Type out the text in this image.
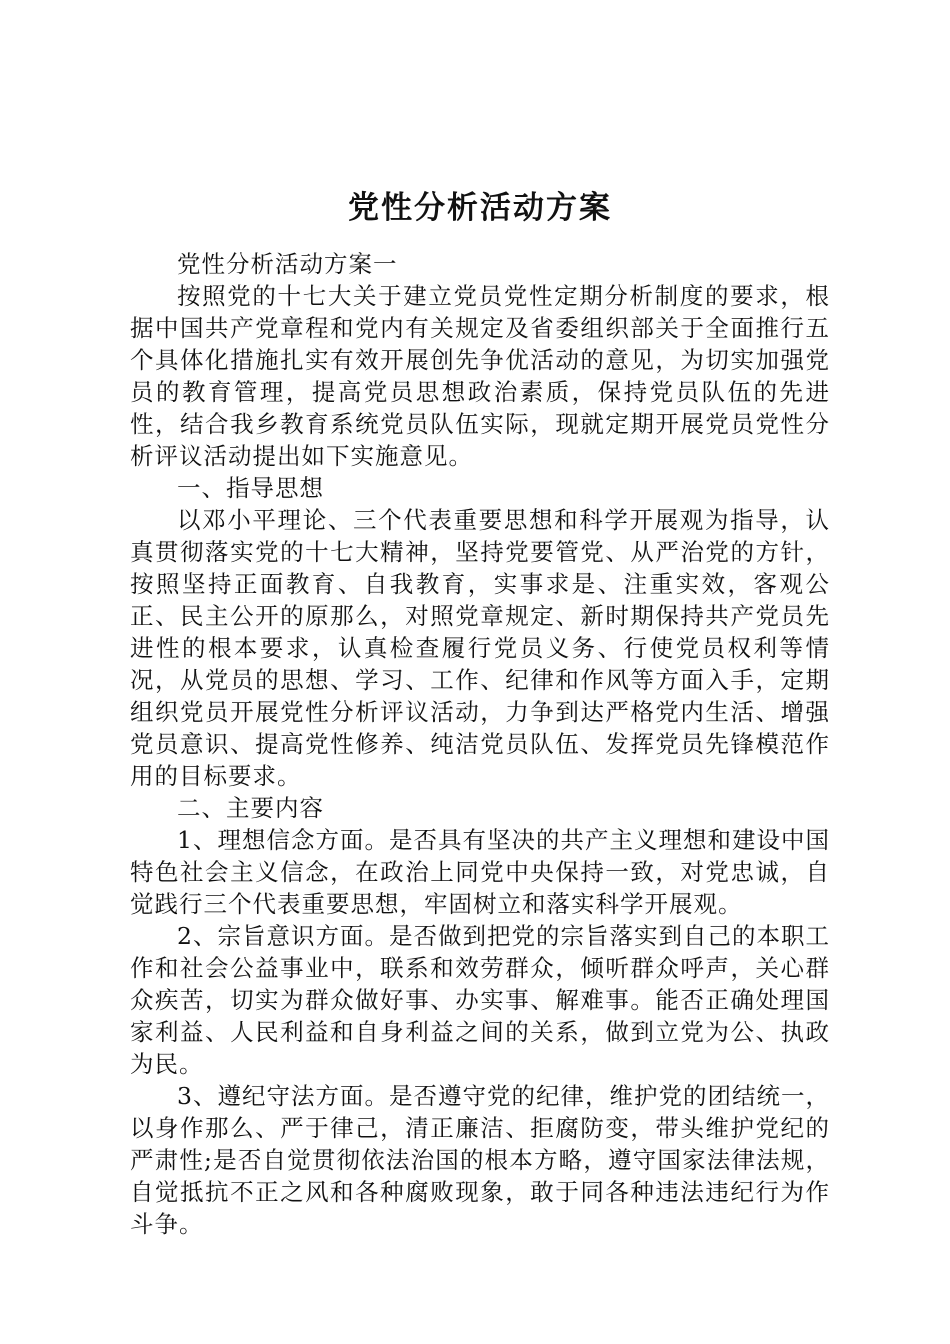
党性分析活动方案

党性分析活动方案一

按照党的十七大关于建立党员党性定期分析制度的要求，根据中国共产党章程和党内有关规定及省委组织部关于全面推行五个具体化措施扎实有效开展创先争优活动的意见，为切实加强党员的教育管理，提高党员思想政治素质，保持党员队伍的先进性，结合我乡教育系统党员队伍实际，现就定期开展党员党性分析评议活动提出如下实施意见。

一、指导思想

以邓小平理论、三个代表重要思想和科学开展观为指导，认真贯彻落实党的十七大精神，坚持党要管党、从严治党的方针，按照坚持正面教育、自我教育，实事求是、注重实效，客观公正、民主公开的原那么，对照党章规定、新时期保持共产党员先进性的根本要求，认真检查履行党员义务、行使党员权利等情况，从党员的思想、学习、工作、纪律和作风等方面入手，定期组织党员开展党性分析评议活动，力争到达严格党内生活、增强党员意识、提高党性修养、纯洁党员队伍、发挥党员先锋模范作用的目标要求。

二、主要内容

1、理想信念方面。是否具有坚决的共产主义理想和建设中国特色社会主义信念，在政治上同党中央保持一致，对党忠诚，自觉践行三个代表重要思想，牢固树立和落实科学开展观。

2、宗旨意识方面。是否做到把党的宗旨落实到自己的本职工作和社会公益事业中，联系和效劳群众，倾听群众呼声，关心群众疾苦，切实为群众做好事、办实事、解难事。能否正确处理国家利益、人民利益和自身利益之间的关系，做到立党为公、执政为民。

3、遵纪守法方面。是否遵守党的纪律，维护党的团结统一，以身作那么、严于律己，清正廉洁、拒腐防变，带头维护党纪的严肃性;是否自觉贯彻依法治国的根本方略，遵守国家法律法规，自觉抵抗不正之风和各种腐败现象，敢于同各种违法违纪行为作斗争。
